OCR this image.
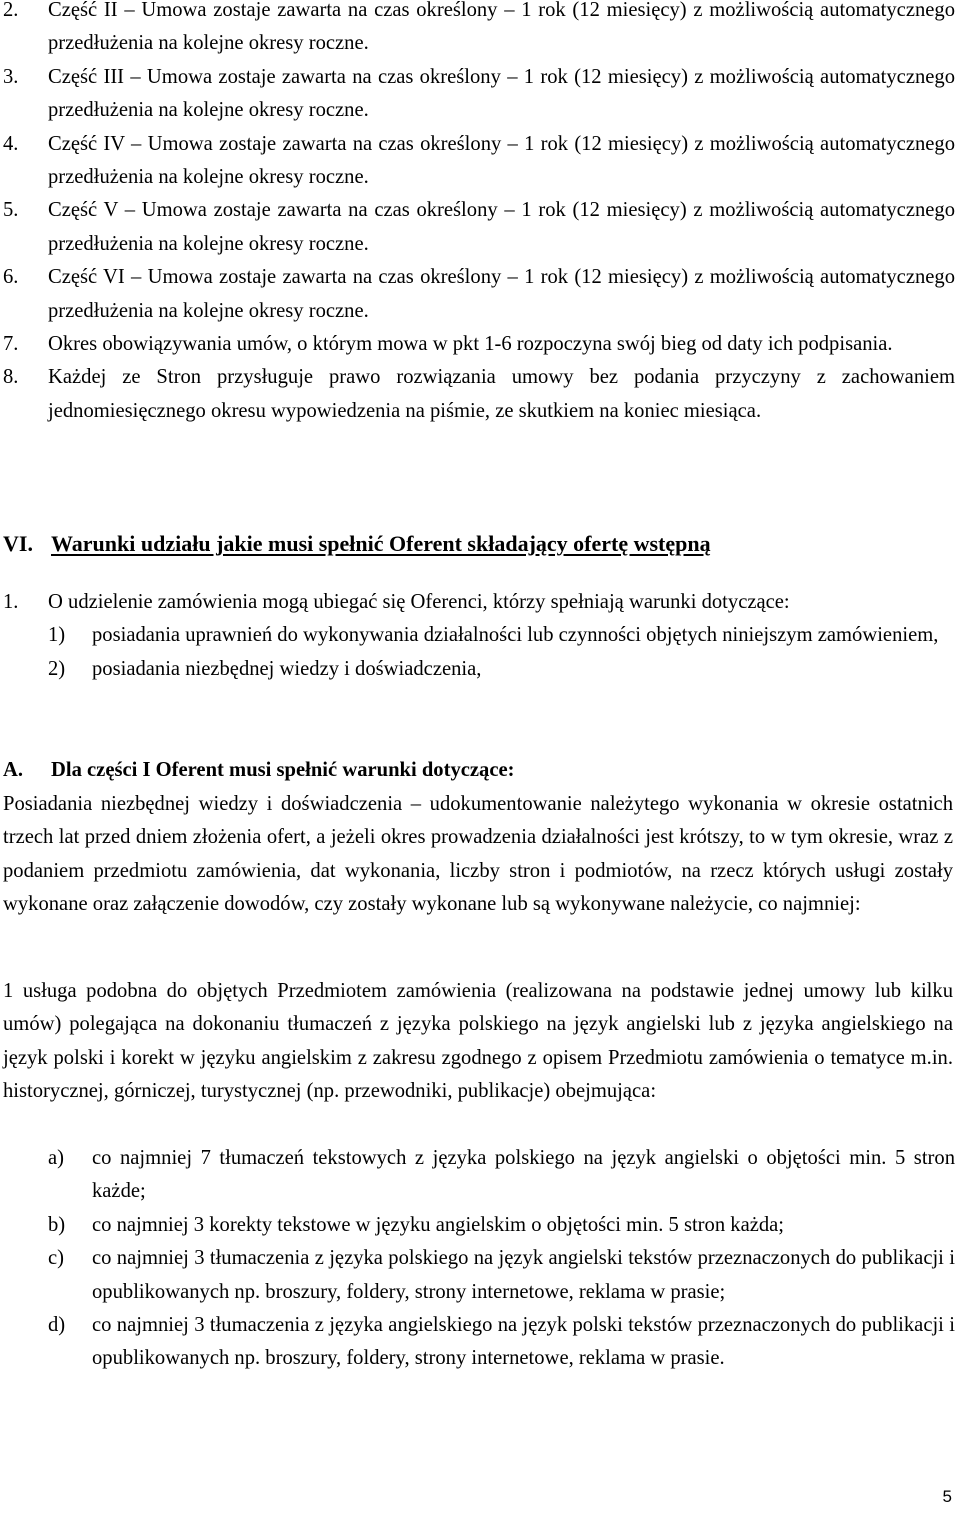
2. Część II – Umowa zostaje zawarta na czas określony – 1 rok (12 miesięcy) z możliwością automatycznego przedłużenia na kolejne okresy roczne.
3. Część III – Umowa zostaje zawarta na czas określony – 1 rok (12 miesięcy) z możliwością automatycznego przedłużenia na kolejne okresy roczne.
4. Część IV – Umowa zostaje zawarta na czas określony – 1 rok (12 miesięcy) z możliwością automatycznego przedłużenia na kolejne okresy roczne.
5. Część V – Umowa zostaje zawarta na czas określony – 1 rok (12 miesięcy) z możliwością automatycznego przedłużenia na kolejne okresy roczne.
6. Część VI – Umowa zostaje zawarta na czas określony – 1 rok (12 miesięcy) z możliwością automatycznego przedłużenia na kolejne okresy roczne.
7. Okres obowiązywania umów, o którym mowa w pkt 1-6 rozpoczyna swój bieg od daty ich podpisania.
8. Każdej ze Stron przysługuje prawo rozwiązania umowy bez podania przyczyny z zachowaniem jednomiesięcznego okresu wypowiedzenia na piśmie, ze skutkiem na koniec miesiąca.
VI. Warunki udziału jakie musi spełnić Oferent składający ofertę wstępną
1. O udzielenie zamówienia mogą ubiegać się Oferenci, którzy spełniają warunki dotyczące:
1) posiadania uprawnień do wykonywania działalności lub czynności objętych niniejszym zamówieniem,
2) posiadania niezbędnej wiedzy i doświadczenia,
A. Dla części I Oferent musi spełnić warunki dotyczące:
Posiadania niezbędnej wiedzy i doświadczenia – udokumentowanie należytego wykonania w okresie ostatnich trzech lat przed dniem złożenia ofert, a jeżeli okres prowadzenia działalności jest krótszy, to w tym okresie, wraz z podaniem przedmiotu zamówienia, dat wykonania, liczby stron i podmiotów, na rzecz których usługi zostały wykonane oraz załączenie dowodów, czy zostały wykonane lub są wykonywane należycie, co najmniej:
1 usługa podobna do objętych Przedmiotem zamówienia (realizowana na podstawie jednej umowy lub kilku umów) polegająca na dokonaniu tłumaczeń z języka polskiego na język angielski lub z języka angielskiego na język polski i korekt w języku angielskim z zakresu zgodnego z opisem Przedmiotu zamówienia o tematyce m.in. historycznej, górniczej, turystycznej (np. przewodniki, publikacje) obejmująca:
a) co najmniej 7 tłumaczeń tekstowych z języka polskiego na język angielski o objętości min. 5 stron każde;
b) co najmniej 3 korekty tekstowe w języku angielskim o objętości min. 5 stron każda;
c) co najmniej 3 tłumaczenia z języka polskiego na język angielski tekstów przeznaczonych do publikacji i opublikowanych np. broszury, foldery, strony internetowe, reklama w prasie;
d) co najmniej 3 tłumaczenia z języka angielskiego na język polski tekstów przeznaczonych do publikacji i opublikowanych np. broszury, foldery, strony internetowe, reklama w prasie.
5
